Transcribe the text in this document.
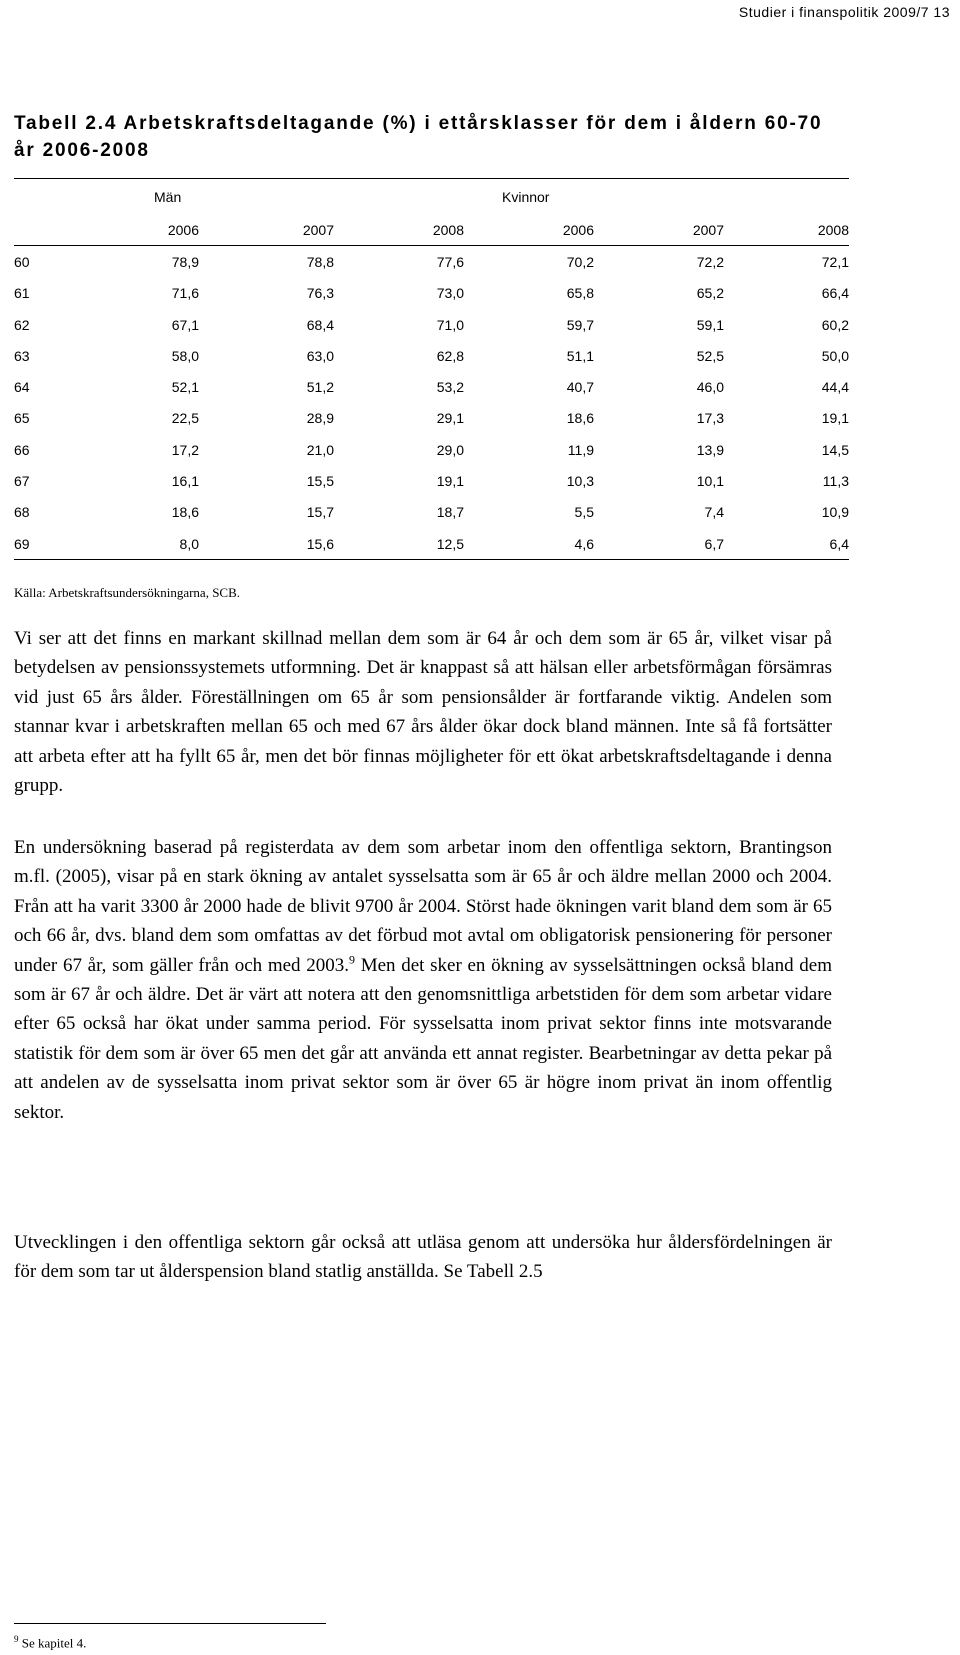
Studier i finanspolitik 2009/7 13
Tabell 2.4 Arbetskraftsdeltagande (%) i ettårsklasser för dem i åldern 60-70 år 2006-2008
	Män			Kvinnor		
	2006	2007	2008	2006	2007	2008
60	78,9	78,8	77,6	70,2	72,2	72,1
61	71,6	76,3	73,0	65,8	65,2	66,4
62	67,1	68,4	71,0	59,7	59,1	60,2
63	58,0	63,0	62,8	51,1	52,5	50,0
64	52,1	51,2	53,2	40,7	46,0	44,4
65	22,5	28,9	29,1	18,6	17,3	19,1
66	17,2	21,0	29,0	11,9	13,9	14,5
67	16,1	15,5	19,1	10,3	10,1	11,3
68	18,6	15,7	18,7	5,5	7,4	10,9
69	8,0	15,6	12,5	4,6	6,7	6,4
Källa: Arbetskraftsundersökningarna, SCB.

Vi ser att det finns en markant skillnad mellan dem som är 64 år och dem som är 65 år, vilket visar på betydelsen av pensionssystemets utformning. Det är knappast så att hälsan eller arbetsförmågan försämras vid just 65 års ålder. Föreställningen om 65 år som pensionsålder är fortfarande viktig. Andelen som stannar kvar i arbetskraften mellan 65 och med 67 års ålder ökar dock bland männen. Inte så få fortsätter att arbeta efter att ha fyllt 65 år, men det bör finnas möjligheter för ett ökat arbetskraftsdeltagande i denna grupp.

En undersökning baserad på registerdata av dem som arbetar inom den offentliga sektorn, Brantingson m.fl. (2005), visar på en stark ökning av antalet sysselsatta som är 65 år och äldre mellan 2000 och 2004. Från att ha varit 3300 år 2000 hade de blivit 9700 år 2004. Störst hade ökningen varit bland dem som är 65 och 66 år, dvs. bland dem som omfattas av det förbud mot avtal om obligatorisk pensionering för personer under 67 år, som gäller från och med 2003.$^9$ Men det sker en ökning av sysselsättningen också bland dem som är 67 år och äldre. Det är värt att notera att den genomsnittliga arbetstiden för dem som arbetar vidare efter 65 också har ökat under samma period. För sysselsatta inom privat sektor finns inte motsvarande statistik för dem som är över 65 men det går att använda ett annat register. Bearbetningar av detta pekar på att andelen av de sysselsatta inom privat sektor som är över 65 är högre inom privat än inom offentlig sektor.

Utvecklingen i den offentliga sektorn går också att utläsa genom att undersöka hur åldersfördelningen är för dem som tar ut ålderspension bland statlig anställda. Se Tabell 2.5

$^9$ Se kapitel 4.
